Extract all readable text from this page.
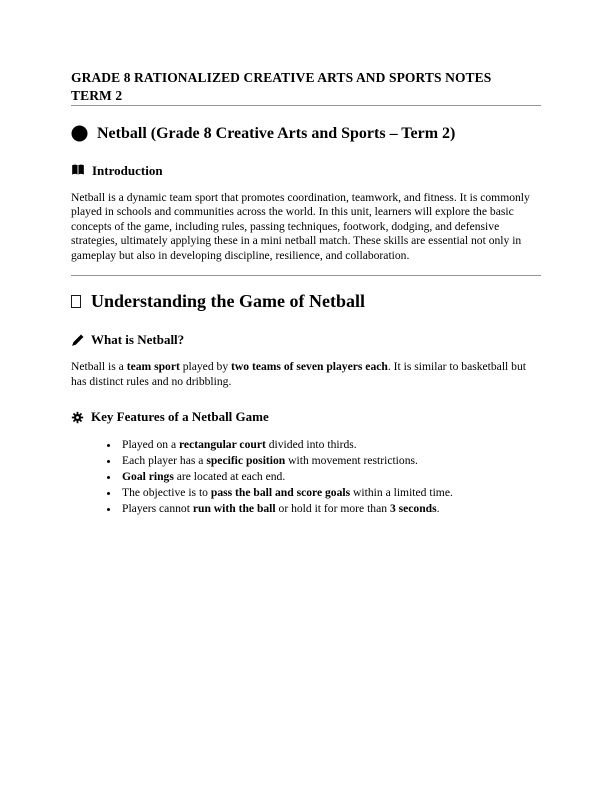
GRADE 8 RATIONALIZED CREATIVE ARTS AND SPORTS NOTES
TERM 2
Netball (Grade 8 Creative Arts and Sports – Term 2)
Introduction

Netball is a dynamic team sport that promotes coordination, teamwork, and fitness. It is commonly played in schools and communities across the world. In this unit, learners will explore the basic concepts of the game, including rules, passing techniques, footwork, dodging, and defensive strategies, ultimately applying these in a mini netball match. These skills are essential not only in gameplay but also in developing discipline, resilience, and collaboration.

Understanding the Game of Netball
What is Netball?

Netball is a team sport played by two teams of seven players each. It is similar to basketball but has distinct rules and no dribbling.

Key Features of a Netball Game
• Played on a rectangular court divided into thirds.
• Each player has a specific position with movement restrictions.
• Goal rings are located at each end.
• The objective is to pass the ball and score goals within a limited time.
• Players cannot run with the ball or hold it for more than 3 seconds.
